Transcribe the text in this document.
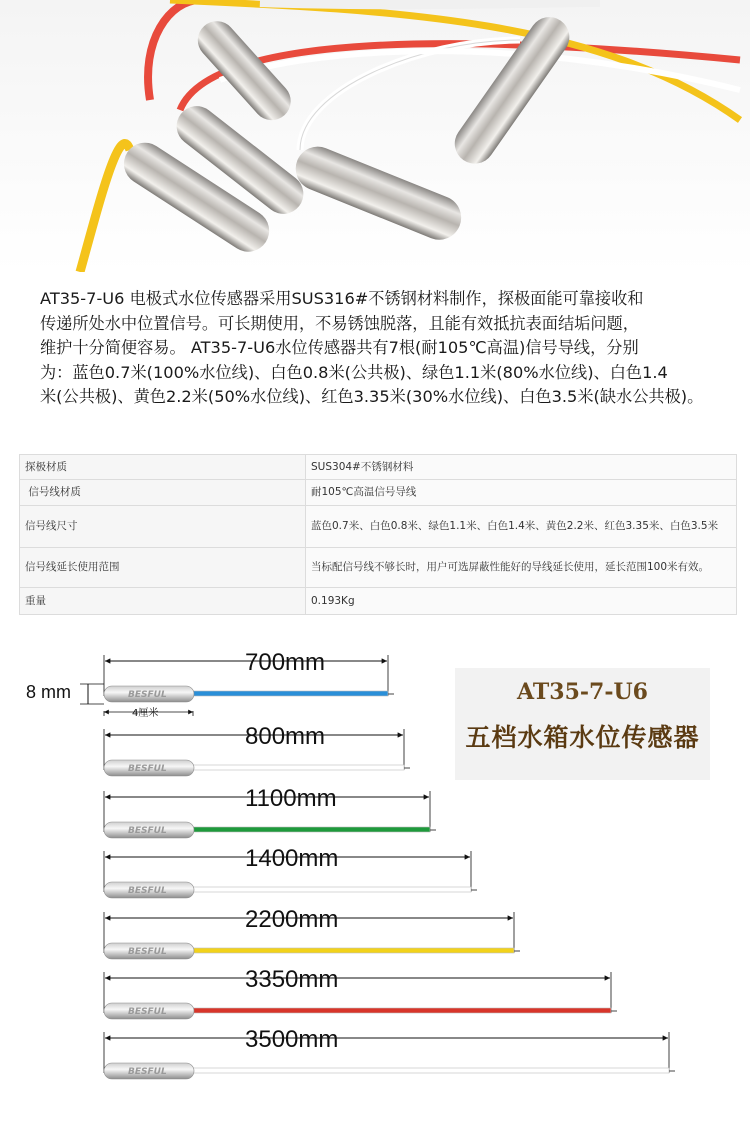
AT35-7-U6 电极式水位传感器采用SUS316#不锈钢材料制作，探极面能可靠接收和

传递所处水中位置信号。可长期使用，不易锈蚀脱落，且能有效抵抗表面结垢问题，

维护十分简便容易。 AT35-7-U6水位传感器共有7根(耐105℃高温)信号导线，分别

为：蓝色0.7米(100%水位线)、白色0.8米(公共极)、绿色1.1米(80%水位线)、白色1.4

米(公共极)、黄色2.2米(50%水位线)、红色3.35米(30%水位线)、白色3.5米(缺水公共极)。

探极材质	SUS304#不锈钢材料
信号线材质	耐105℃高温信号导线
信号线尺寸	蓝色0.7米、白色0.8米、绿色1.1米、白色1.4米、黄色2.2米、红色3.35米、白色3.5米
信号线延长使用范围	当标配信号线不够长时，用户可选屏蔽性能好的导线延长使用，延长范围100米有效。
重量	0.193Kg
AT35-7-U6
五档水箱水位传感器
8 mm
4厘米
700mm
BESFUL
800mm
BESFUL
1100mm
BESFUL
1400mm
BESFUL
2200mm
BESFUL
3350mm
BESFUL
3500mm
BESFUL
